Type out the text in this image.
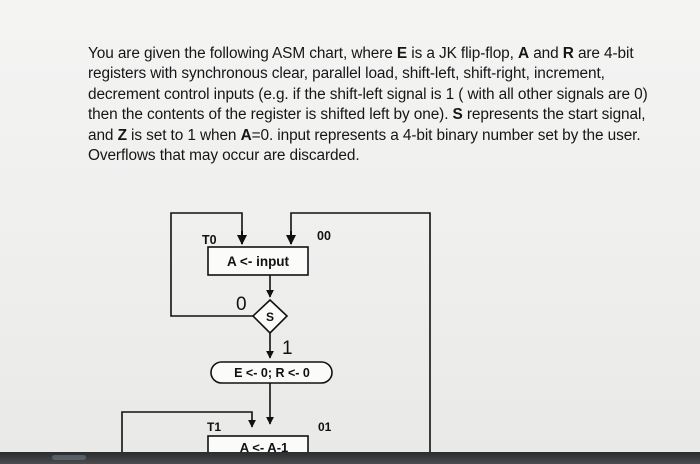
You are given the following ASM chart, where E is a JK flip-flop, A and R are 4-bit registers with synchronous clear, parallel load, shift-left, shift-right, increment, decrement control inputs (e.g. if the shift-left signal is 1 ( with all other signals are 0) then the contents of the register is shifted left by one). S represents the start signal, and Z is set to 1 when A=0. input represents a 4-bit binary number set by the user. Overflows that may occur are discarded.

T0	00
A <- input
S
0
1
E <- 0; R <- 0
T1	01
A <- A-1
